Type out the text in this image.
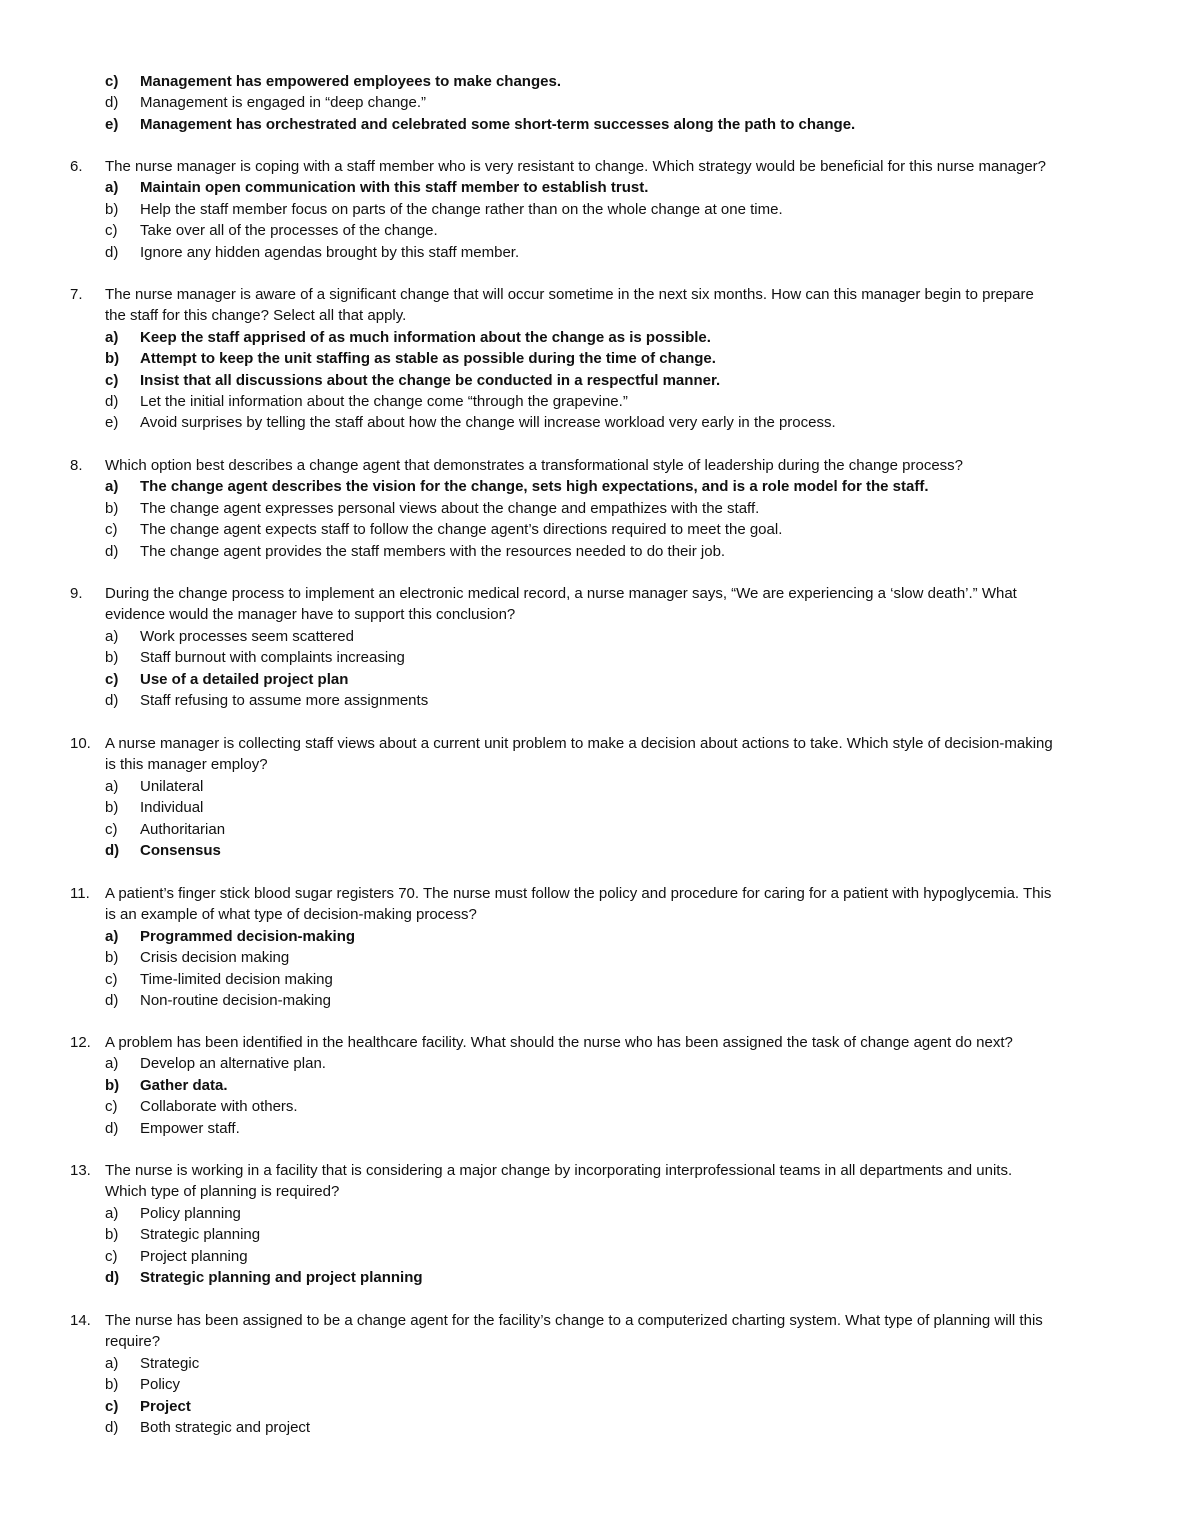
c) Management has empowered employees to make changes.
d) Management is engaged in “deep change.”
e) Management has orchestrated and celebrated some short-term successes along the path to change.
6. The nurse manager is coping with a staff member who is very resistant to change. Which strategy would be beneficial for this nurse manager?
a) Maintain open communication with this staff member to establish trust.
b) Help the staff member focus on parts of the change rather than on the whole change at one time.
c) Take over all of the processes of the change.
d) Ignore any hidden agendas brought by this staff member.
7. The nurse manager is aware of a significant change that will occur sometime in the next six months. How can this manager begin to prepare
the staff for this change? Select all that apply.
a) Keep the staff apprised of as much information about the change as is possible.
b) Attempt to keep the unit staffing as stable as possible during the time of change.
c) Insist that all discussions about the change be conducted in a respectful manner.
d) Let the initial information about the change come “through the grapevine.”
e) Avoid surprises by telling the staff about how the change will increase workload very early in the process.
8. Which option best describes a change agent that demonstrates a transformational style of leadership during the change process?
a) The change agent describes the vision for the change, sets high expectations, and is a role model for the staff.
b) The change agent expresses personal views about the change and empathizes with the staff.
c) The change agent expects staff to follow the change agent’s directions required to meet the goal.
d) The change agent provides the staff members with the resources needed to do their job.
9. During the change process to implement an electronic medical record, a nurse manager says, “We are experiencing a ‘slow death’.” What
evidence would the manager have to support this conclusion?
a) Work processes seem scattered
b) Staff burnout with complaints increasing
c) Use of a detailed project plan
d) Staff refusing to assume more assignments
10. A nurse manager is collecting staff views about a current unit problem to make a decision about actions to take. Which style of decision-making
is this manager employ?
a) Unilateral
b) Individual
c) Authoritarian
d) Consensus
11. A patient’s finger stick blood sugar registers 70. The nurse must follow the policy and procedure for caring for a patient with hypoglycemia. This
is an example of what type of decision-making process?
a) Programmed decision-making
b) Crisis decision making
c) Time-limited decision making
d) Non-routine decision-making
12. A problem has been identified in the healthcare facility. What should the nurse who has been assigned the task of change agent do next?
a) Develop an alternative plan.
b) Gather data.
c) Collaborate with others.
d) Empower staff.
13. The nurse is working in a facility that is considering a major change by incorporating interprofessional teams in all departments and units.
Which type of planning is required?
a) Policy planning
b) Strategic planning
c) Project planning
d) Strategic planning and project planning
14. The nurse has been assigned to be a change agent for the facility’s change to a computerized charting system. What type of planning will this
require?
a) Strategic
b) Policy
c) Project
d) Both strategic and project
